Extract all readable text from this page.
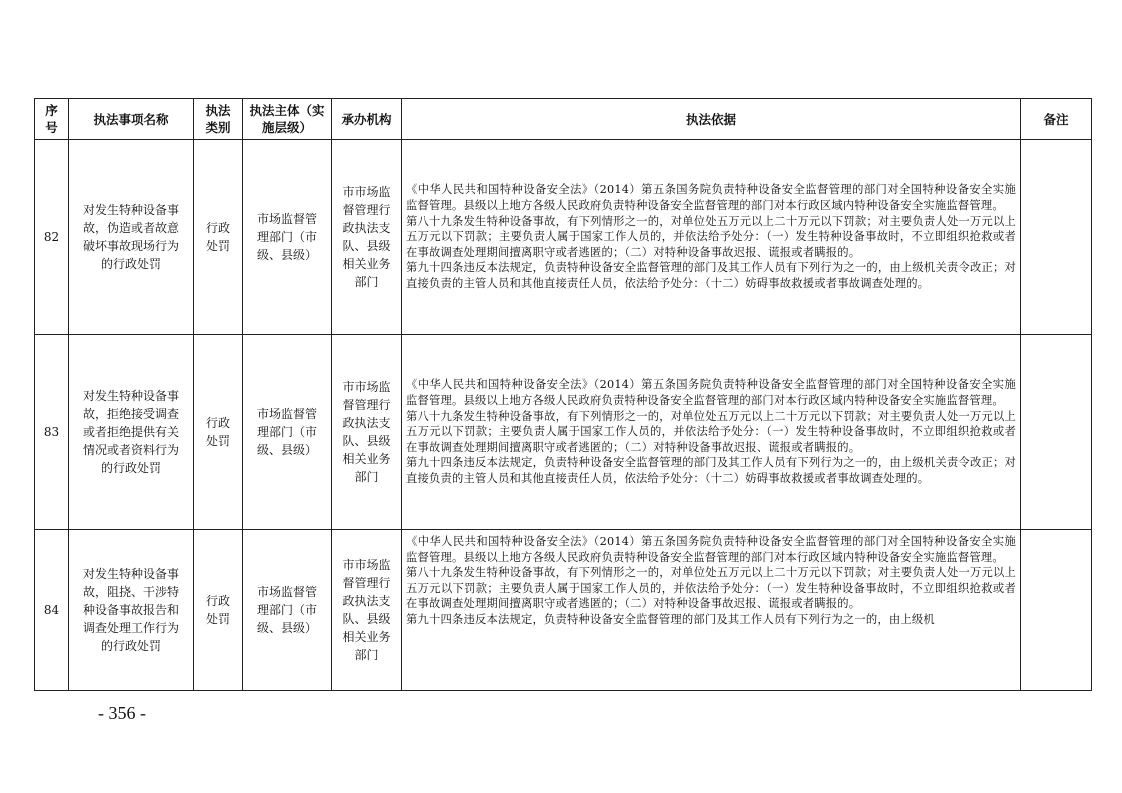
序号	执法事项名称	执法类别	执法主体（实施层级）	承办机构	执法依据	备注
82	对发生特种设备事故，伪造或者故意破坏事故现场行为的行政处罚	行政处罚	市场监督管理部门（市级、县级）	市市场监督管理行政执法支队、县级相关业务部门	《中华人民共和国特种设备安全法》（2014）第五条国务院负责特种设备安全监督管理的部门对全国特种设备安全实施监督管理。县级以上地方各级人民政府负责特种设备安全监督管理的部门对本行政区域内特种设备安全实施监督管理。

第八十九条发生特种设备事故，有下列情形之一的，对单位处五万元以上二十万元以下罚款；对主要负责人处一万元以上五万元以下罚款；主要负责人属于国家工作人员的，并依法给予处分：（一）发生特种设备事故时，不立即组织抢救或者在事故调查处理期间擅离职守或者逃匿的；（二）对特种设备事故迟报、谎报或者瞒报的。

第九十四条违反本法规定，负责特种设备安全监督管理的部门及其工作人员有下列行为之一的，由上级机关责令改正；对直接负责的主管人员和其他直接责任人员，依法给予处分：（十二）妨碍事故救援或者事故调查处理的。	

83	对发生特种设备事故，拒绝接受调查或者拒绝提供有关情况或者资料行为的行政处罚	行政处罚	市场监督管理部门（市级、县级）	市市场监督管理行政执法支队、县级相关业务部门	《中华人民共和国特种设备安全法》（2014）第五条国务院负责特种设备安全监督管理的部门对全国特种设备安全实施监督管理。县级以上地方各级人民政府负责特种设备安全监督管理的部门对本行政区域内特种设备安全实施监督管理。

第八十九条发生特种设备事故，有下列情形之一的，对单位处五万元以上二十万元以下罚款；对主要负责人处一万元以上五万元以下罚款；主要负责人属于国家工作人员的，并依法给予处分：（一）发生特种设备事故时，不立即组织抢救或者在事故调查处理期间擅离职守或者逃匿的；（二）对特种设备事故迟报、谎报或者瞒报的。

第九十四条违反本法规定，负责特种设备安全监督管理的部门及其工作人员有下列行为之一的，由上级机关责令改正；对直接负责的主管人员和其他直接责任人员，依法给予处分：（十二）妨碍事故救援或者事故调查处理的。	

84	对发生特种设备事故，阻挠、干涉特种设备事故报告和调查处理工作行为的行政处罚	行政处罚	市场监督管理部门（市级、县级）	市市场监督管理行政执法支队、县级相关业务部门	《中华人民共和国特种设备安全法》（2014）第五条国务院负责特种设备安全监督管理的部门对全国特种设备安全实施监督管理。县级以上地方各级人民政府负责特种设备安全监督管理的部门对本行政区域内特种设备安全实施监督管理。

第八十九条发生特种设备事故，有下列情形之一的，对单位处五万元以上二十万元以下罚款；对主要负责人处一万元以上五万元以下罚款；主要负责人属于国家工作人员的，并依法给予处分：（一）发生特种设备事故时，不立即组织抢救或者在事故调查处理期间擅离职守或者逃匿的；（二）对特种设备事故迟报、谎报或者瞒报的。

第九十四条违反本法规定，负责特种设备安全监督管理的部门及其工作人员有下列行为之一的，由上级机	

- 356 -
